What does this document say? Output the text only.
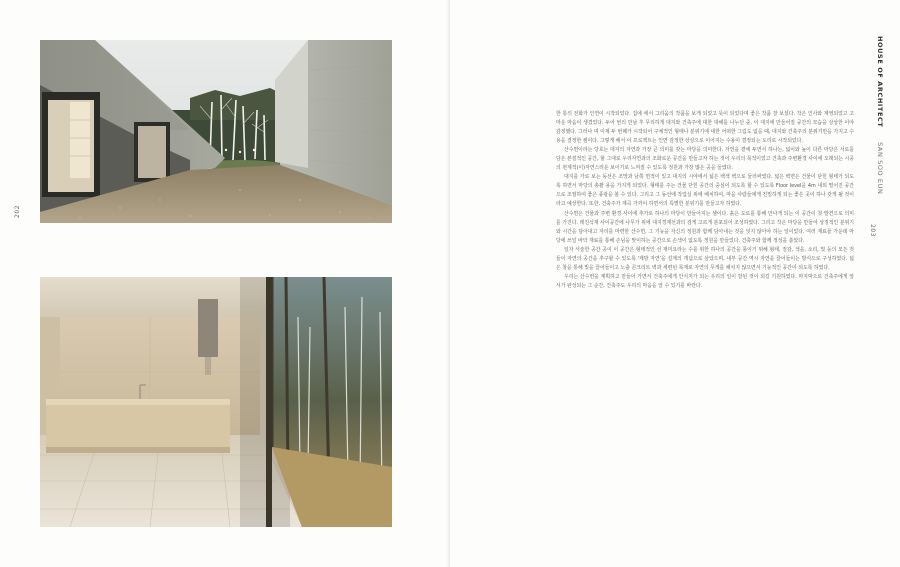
202
HOUSE OF ARCHITECT SAN SOO EUN
203

한 통의 전화가 인연이 시작되었다. 집에 에서 그리움의 작품을 보게 되었고 뜻이 되었다며 좋은 작품 잘 보셨다. 작은 인사와 계영되었고 고마운 마음이 생겼었다. 두어 번의 만남 후 무리하게 대지와 건축주에 대한 대해를 나누던 중, 이 대지에 만들어질 공간의 모습을 상상한 이야 감정했다. 그러나 며 이제 두 번째가 시작되어 구체적인 형태나 분위기에 대한 어떠한 그림도 없을 때, 대지와 건축주의 분위기만을 가지고 수용을 결정한 셈이다. 그렇게 해서 이 프로젝트는 인연 감정한 상상으로 이어지는 수용이 결정되는 도리로 시작되었다.

산수헌이라는 당호는 대지의 자연과 가장 큰 의미를 갖는 마당을 의미한다. 자연을 곁에 두면서 하나는, 넓이와 높이 다른 마당은 서로를 담은 본질적인 공간, 할 그대로 우리자연과의 조화로운 공간을 만들고자 하는 것이 우리의 목적이었고 건축과 주변환경 사이에 오래되는 시공의 천재적(이)자연스러운 보이기로 느껴질 수 있도록 정원과 가장 많은 공을 들였다.

대지를 가로 보는 동선은 조망과 남쪽 면적이 있고 대지의 시야에서 넓은 백색 벽으로 둘러싸였다. 넓은 벽면은 건물이 닫힌 형태가 되도록 하면서 마당의 총괄 용을 가지게 되었다. 형태를 주는 건물 닫힌 공간의 중심이 되도록 할 수 있도록 Floor level을 4m 내외 떨어진 공간으로 조절하여 좋은 풍광을 볼 수 있다. 그리고 그 동선에 작업실 위에 배치하여, 마을 사람들에게 친밀하게 되는 좋은 곳이 하나 갖게 될 것이라고 예상한다. 또한, 건축주가 계곡 가까이 하면서의 특별한 분위기를 만들고자 하였다.

산수헌은 건물과 주변 환경 사이에 추가로 하나의 마당이 만들어지는 셈이다. 흙은 도로를 통해 만나게 되는 이 공간이 첫 발견으로 의미를 가진다. 레진석재 사이공간에 나무가 위에 대지경계선과의 검게 고르게 분포되어 조성하였다. 그리고 작은 마당을 만들어 상징적인 분위기와 시간을 담아내고 자리를 마련한 산수헌, 그 기능을 자신의 정원과 함께 담아내는 것을 잊지 않아야 하는 일이었다. 여러 재료들 가운데 마당에 쓰일 바닥 재료를 통해 손님을 맞이하는 공간으로 손색이 없도록 정원을 만들었다. 건축주와 함께 정성을 쏟았다.

일자 서술한 공간 공이 이 공간은 형태적인 선 재미요라는 수를 위한 하나의 공간을 풍이기 위해 형태, 질감, 색을, 소리, 빛 등의 모든 것들이 자연의 공간을 추구할 수 있도록 '제방 자연'을 설계의 개념으로 삼았으며, 내부 공간 역시 자연을 끌어들이는 방식으로 구성하였다. 넓은 창을 통해 빛을 끌어들이고 노출 콘크리트 벽과 세련된 목재로 자연의 무게를 해치지 않으면서 기능적인 공간이 되도록 하였다.

우리는 산수헌을 계획하고 만들어 가면서 건축주에게 안식처가 되는 우리의 일이 잘된 것이 되길 기원하였다. 마지막으로 건축주에게 앞서가 완성되는 그 순간, 건축주도 우리의 마음을 알 수 있기를 바란다.
